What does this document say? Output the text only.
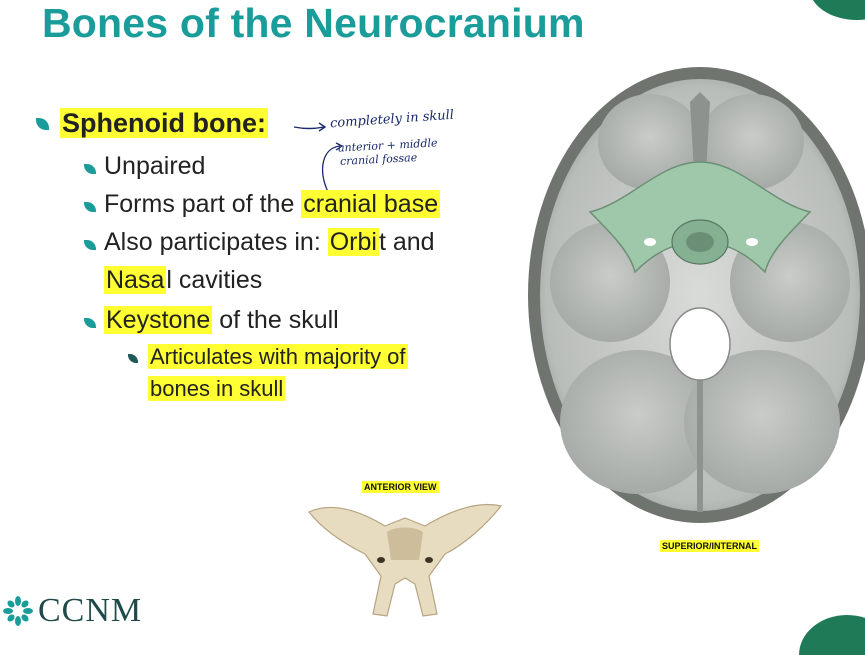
Bones of the Neurocranium
Sphenoid bone:	completely in skull
anterior + middle
cranial fossae
Unpaired
Forms part of the cranial base
Also participates in: Orbit and
Nasal cavities
Keystone of the skull
Articulates with majority of
bones in skull
SUPERIOR/INTERNAL
ANTERIOR VIEW
CCNM
